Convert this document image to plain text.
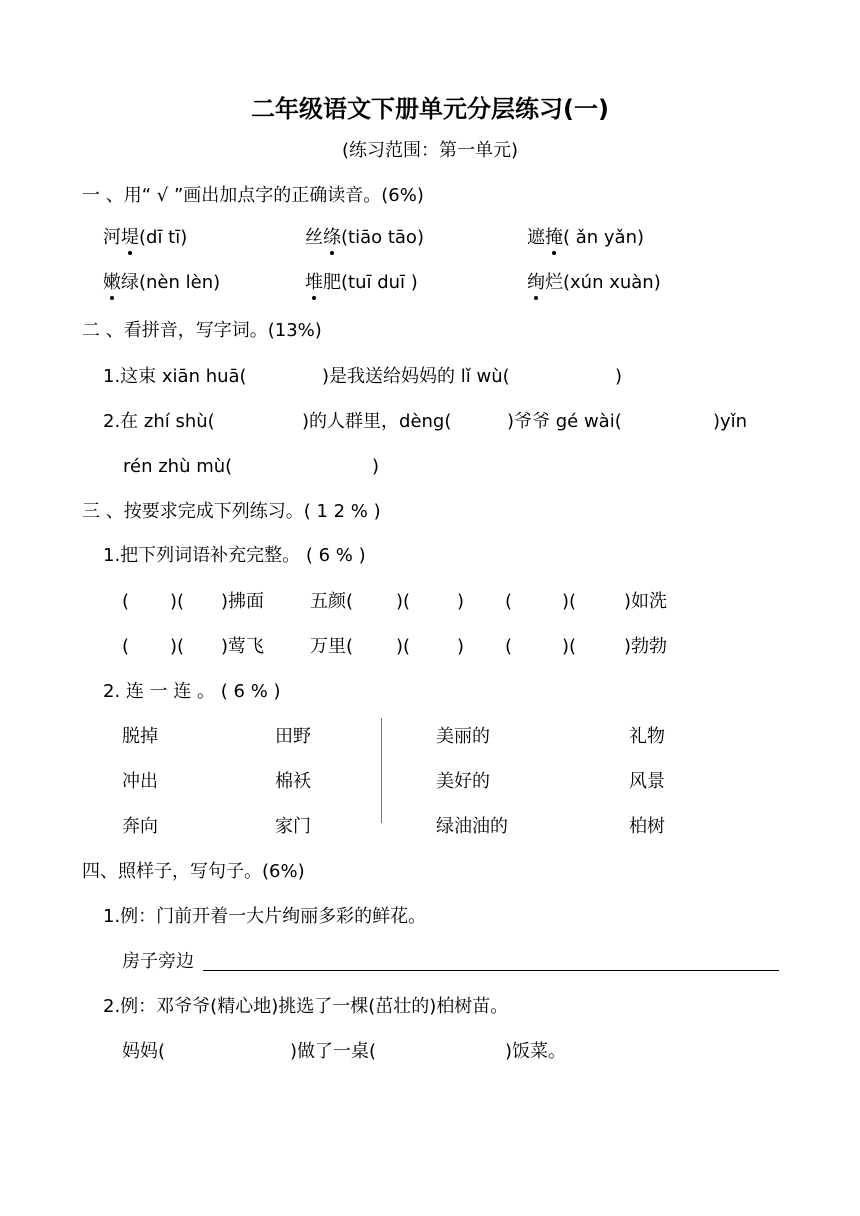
二年级语文下册单元分层练习(一)
(练习范围：第一单元)
一 、用“ √ ”画出加点字的正确读音。(6%)
河堤(dī tī)	丝绦(tiāo tāo)	遮掩( ǎn yǎn)
嫩绿(nèn lèn)	堆肥(tuī duī )	绚烂(xún xuàn)
二 、看拼音，写字词。(13%)
1.这束 xiān huā(	)是我送给妈妈的 lǐ wù(	)
2.在 zhí shù(	)的人群里，dèng(	)爷爷 gé wài(	)yǐn
rén zhù mù(	)
三 、按要求完成下列练习。( 1 2 % )
1.把下列词语补充完整。 ( 6 % )
( )( )拂面	五颜( )(	) (	)(	)如洗
( )( )莺飞	万里( )(	) (	)(	)勃勃
2. 连 一 连 。 ( 6 % )
脱掉	田野	美丽的	礼物
冲出	棉袄	美好的	风景
奔向	家门	绿油油的	柏树
四、照样子，写句子。(6%)
1.例：门前开着一大片绚丽多彩的鲜花。
房子旁边
2.例：邓爷爷(精心地)挑选了一棵(茁壮的)柏树苗。
妈妈(	)做了一桌(	)饭菜。
